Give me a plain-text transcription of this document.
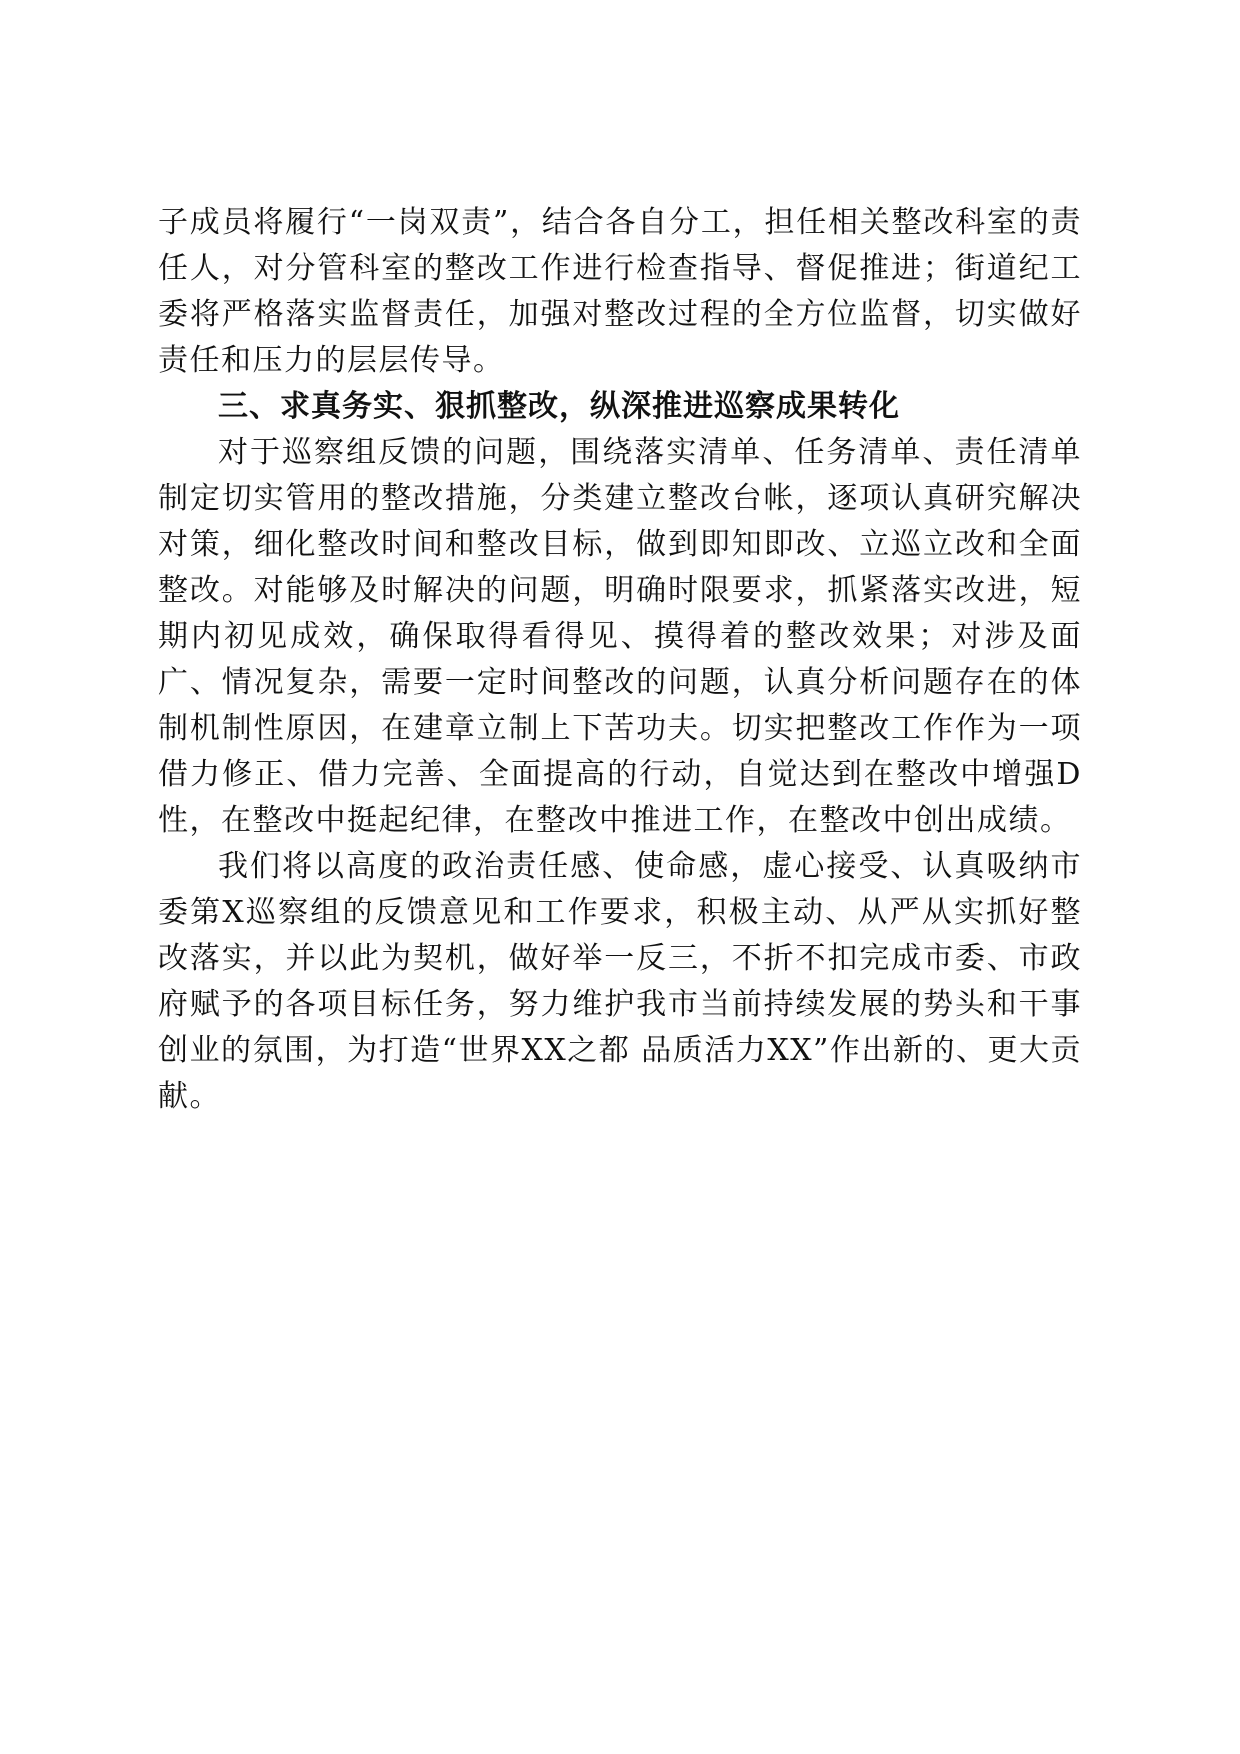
子成员将履行“一岗双责”，结合各自分工，担任相关整改科室的责任人，对分管科室的整改工作进行检查指导、督促推进；街道纪工委将严格落实监督责任，加强对整改过程的全方位监督，切实做好责任和压力的层层传导。

三、求真务实、狠抓整改，纵深推进巡察成果转化

对于巡察组反馈的问题，围绕落实清单、任务清单、责任清单制定切实管用的整改措施，分类建立整改台帐，逐项认真研究解决对策，细化整改时间和整改目标，做到即知即改、立巡立改和全面整改。对能够及时解决的问题，明确时限要求，抓紧落实改进，短期内初见成效，确保取得看得见、摸得着的整改效果；对涉及面广、情况复杂，需要一定时间整改的问题，认真分析问题存在的体制机制性原因，在建章立制上下苦功夫。切实把整改工作作为一项借力修正、借力完善、全面提高的行动，自觉达到在整改中增强D性，在整改中挺起纪律，在整改中推进工作，在整改中创出成绩。

我们将以高度的政治责任感、使命感，虚心接受、认真吸纳市委第X巡察组的反馈意见和工作要求，积极主动、从严从实抓好整改落实，并以此为契机，做好举一反三，不折不扣完成市委、市政府赋予的各项目标任务，努力维护我市当前持续发展的势头和干事创业的氛围，为打造“世界XX之都 品质活力XX”作出新的、更大贡献。
